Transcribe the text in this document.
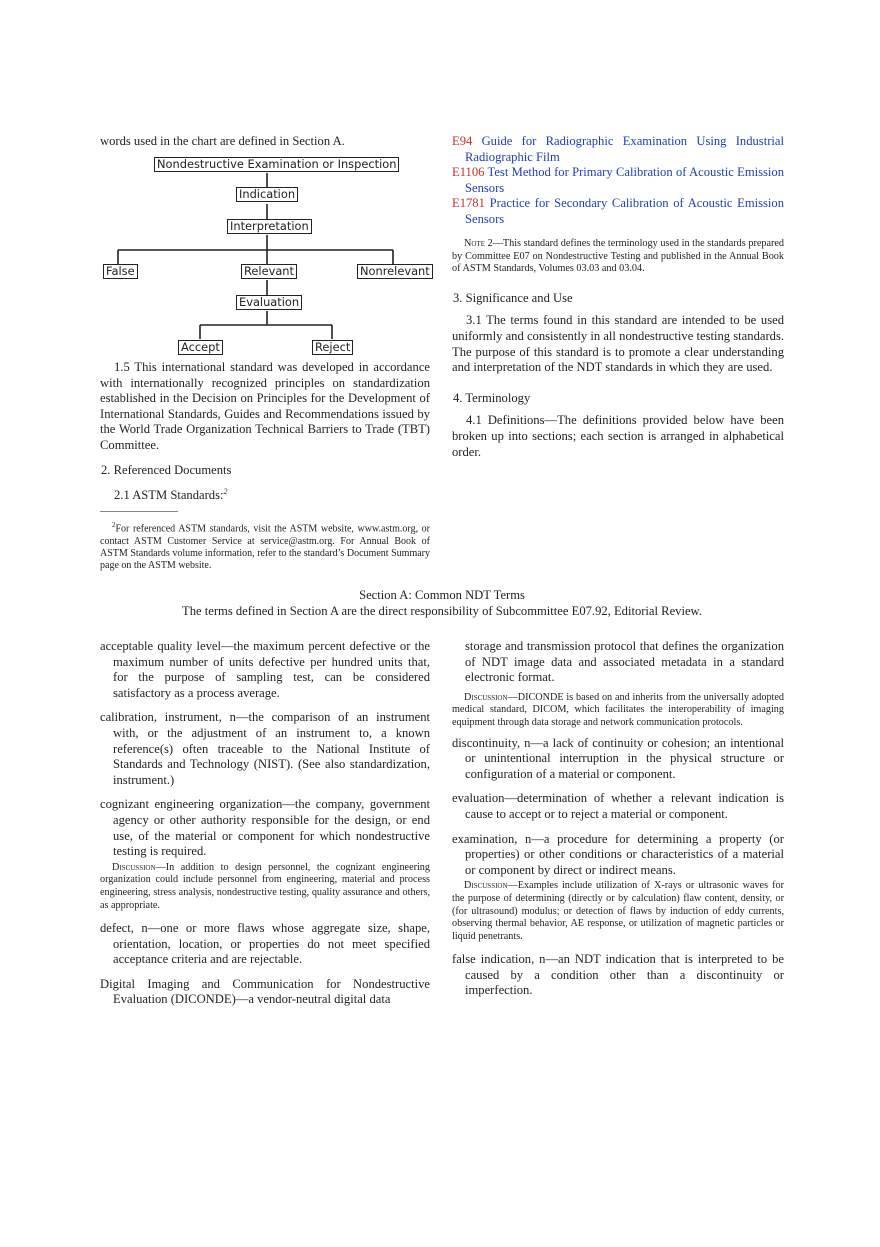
words used in the chart are defined in Section A.

Nondestructive Examination or Inspection
Indication
Interpretation
False	Relevant	Nonrelevant
Evaluation
Accept	Reject

1.5 This international standard was developed in accordance with internationally recognized principles on standardization established in the Decision on Principles for the Development of International Standards, Guides and Recommendations issued by the World Trade Organization Technical Barriers to Trade (TBT) Committee.

2. Referenced Documents

2.1 ASTM Standards:$^2$

$^2$For referenced ASTM standards, visit the ASTM website, www.astm.org, or contact ASTM Customer Service at service@astm.org. For Annual Book of ASTM Standards volume information, refer to the standard’s Document Summary page on the ASTM website.

E94 Guide for Radiographic Examination Using Industrial Radiographic Film

E1106 Test Method for Primary Calibration of Acoustic Emission Sensors

E1781 Practice for Secondary Calibration of Acoustic Emission Sensors

Note 2—This standard defines the terminology used in the standards prepared by Committee E07 on Nondestructive Testing and published in the Annual Book of ASTM Standards, Volumes 03.03 and 03.04.

3. Significance and Use

3.1 The terms found in this standard are intended to be used uniformly and consistently in all nondestructive testing standards. The purpose of this standard is to promote a clear understanding and interpretation of the NDT standards in which they are used.

4. Terminology

4.1 Definitions—The definitions provided below have been broken up into sections; each section is arranged in alphabetical order.

Section A: Common NDT Terms
The terms defined in Section A are the direct responsibility of Subcommittee E07.92, Editorial Review.

acceptable quality level—the maximum percent defective or the maximum number of units defective per hundred units that, for the purpose of sampling test, can be considered satisfactory as a process average.

calibration, instrument, n—the comparison of an instrument with, or the adjustment of an instrument to, a known reference(s) often traceable to the National Institute of Standards and Technology (NIST). (See also standardization, instrument.)

cognizant engineering organization—the company, government agency or other authority responsible for the design, or end use, of the material or component for which nondestructive testing is required.

Discussion—In addition to design personnel, the cognizant engineering organization could include personnel from engineering, material and process engineering, stress analysis, nondestructive testing, quality assurance and others, as appropriate.

defect, n—one or more flaws whose aggregate size, shape, orientation, location, or properties do not meet specified acceptance criteria and are rejectable.

Digital Imaging and Communication for Nondestructive Evaluation (DICONDE)—a vendor-neutral digital data

storage and transmission protocol that defines the organization of NDT image data and associated metadata in a standard electronic format.

Discussion—DICONDE is based on and inherits from the universally adopted medical standard, DICOM, which facilitates the interoperability of imaging equipment through data storage and network communication protocols.

discontinuity, n—a lack of continuity or cohesion; an intentional or unintentional interruption in the physical structure or configuration of a material or component.

evaluation—determination of whether a relevant indication is cause to accept or to reject a material or component.

examination, n—a procedure for determining a property (or properties) or other conditions or characteristics of a material or component by direct or indirect means.

Discussion—Examples include utilization of X-rays or ultrasonic waves for the purpose of determining (directly or by calculation) flaw content, density, or (for ultrasound) modulus; or detection of flaws by induction of eddy currents, observing thermal behavior, AE response, or utilization of magnetic particles or liquid penetrants.

false indication, n—an NDT indication that is interpreted to be caused by a condition other than a discontinuity or imperfection.
